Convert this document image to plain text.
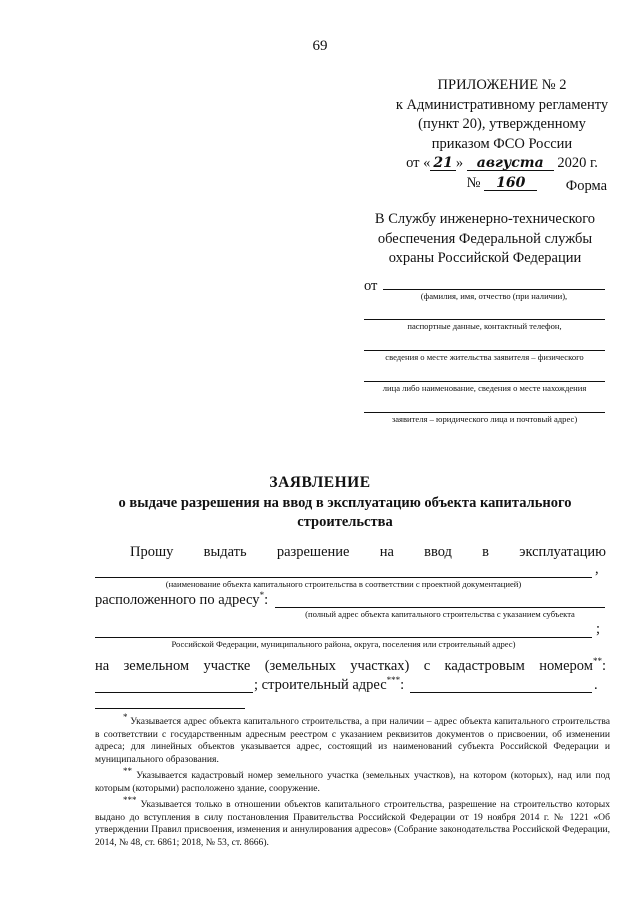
69
ПРИЛОЖЕНИЕ № 2
к Административному регламенту
(пункт 20), утвержденному
приказом ФСО России
от « 21 » августа 2020 г.
№ 160	Форма
В Службу инженерно-технического
обеспечения Федеральной службы
охраны Российской Федерации
от
(фамилия, имя, отчество (при наличии),
паспортные данные, контактный телефон,
сведения о месте жительства заявителя – физического
лица либо наименование, сведения о месте нахождения
заявителя – юридического лица и почтовый адрес)
ЗАЯВЛЕНИЕ
о выдаче разрешения на ввод в эксплуатацию объекта капитального строительства
Прошу выдать разрешение на ввод в эксплуатацию
,
(наименование объекта капитального строительства в соответствии с проектной документацией)
расположенного по адресу*:
(полный адрес объекта капитального строительства с указанием субъекта
;
Российской Федерации, муниципального района, округа, поселения или строительный адрес)
на земельном участке (земельных участках) с кадастровым номером**:
; строительный адрес***:	.

* Указывается адрес объекта капитального строительства, а при наличии – адрес объекта капитального строительства в соответствии с государственным адресным реестром с указанием реквизитов документов о присвоении, об изменении адреса; для линейных объектов указывается адрес, состоящий из наименований субъекта Российской Федерации и муниципального образования.

** Указывается кадастровый номер земельного участка (земельных участков), на котором (которых), над или под которым (которыми) расположено здание, сооружение.

*** Указывается только в отношении объектов капитального строительства, разрешение на строительство которых выдано до вступления в силу постановления Правительства Российской Федерации от 19 ноября 2014 г. № 1221 «Об утверждении Правил присвоения, изменения и аннулирования адресов» (Собрание законодательства Российской Федерации, 2014, № 48, ст. 6861; 2018, № 53, ст. 8666).
